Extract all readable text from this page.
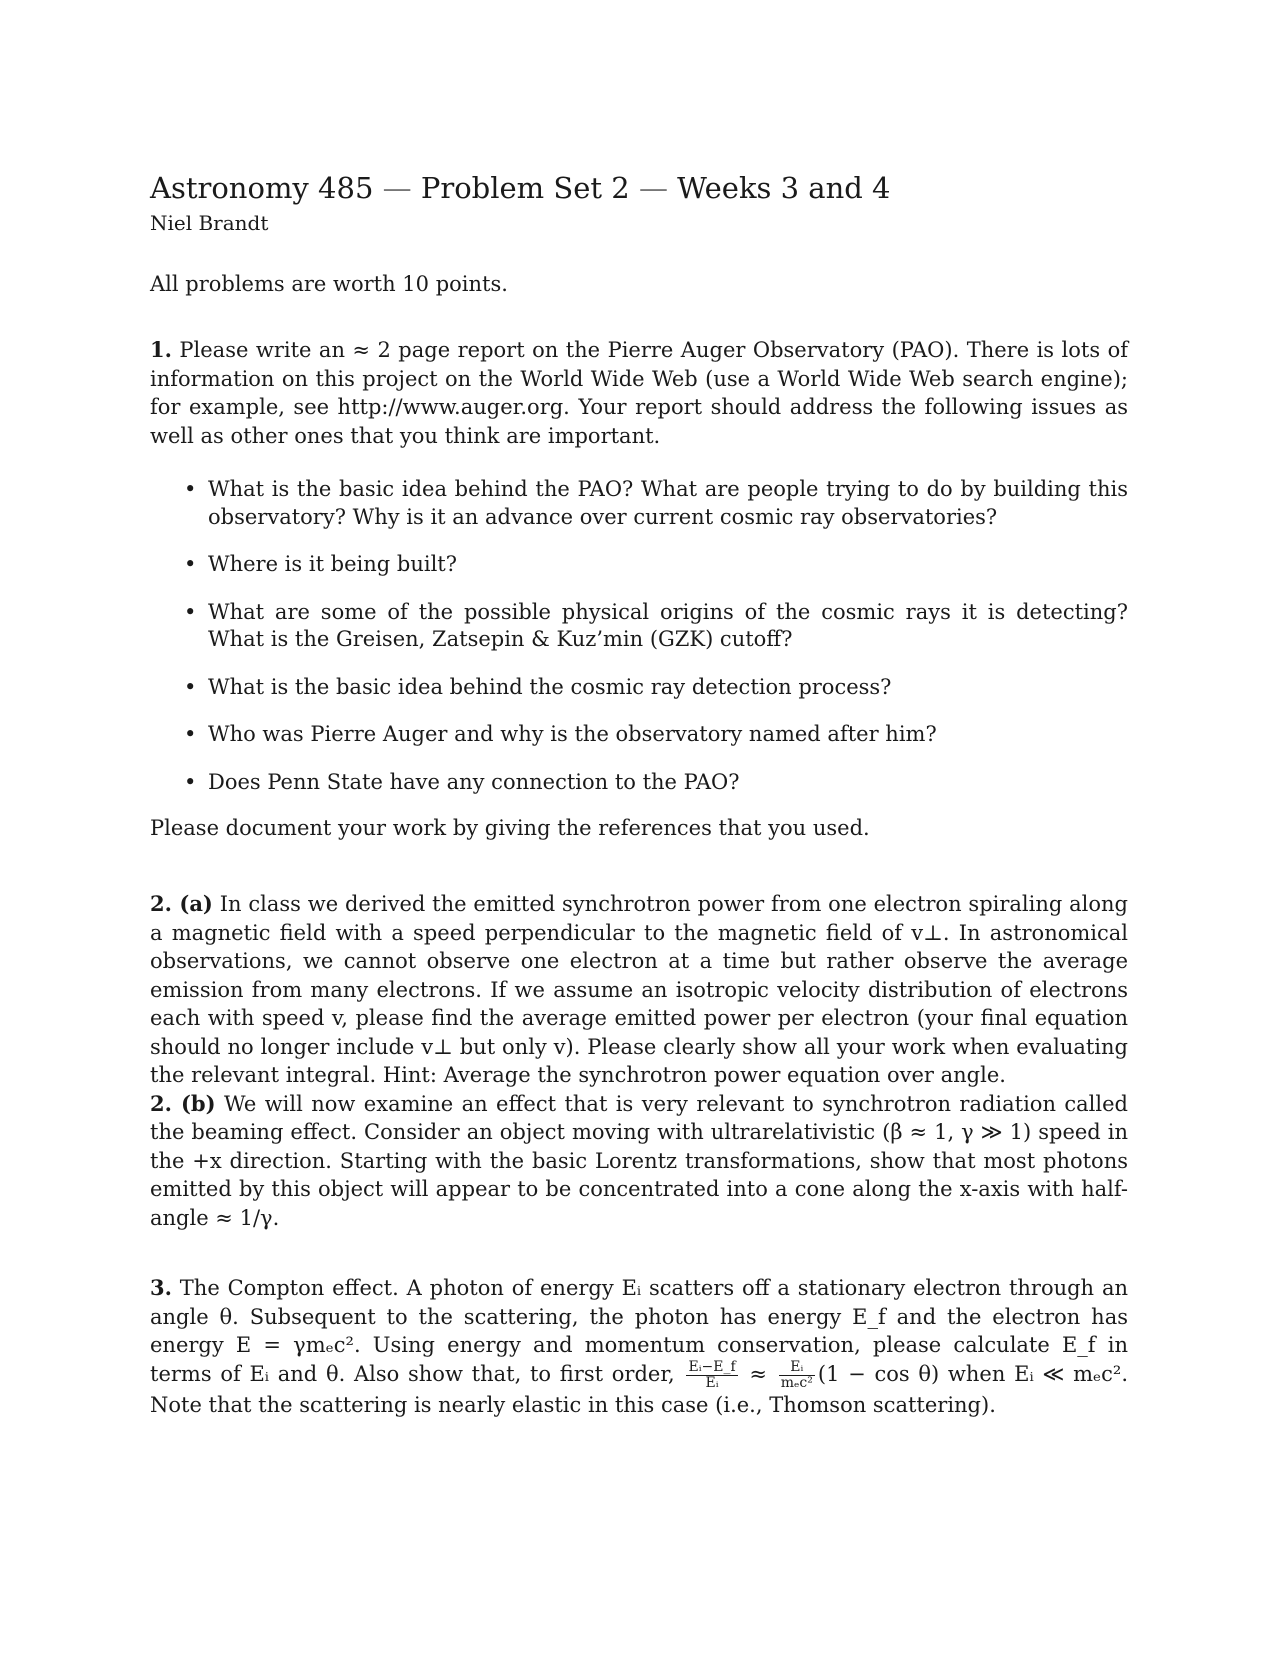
Astronomy 485 — Problem Set 2 — Weeks 3 and 4
Niel Brandt
All problems are worth 10 points.
1. Please write an ≈ 2 page report on the Pierre Auger Observatory (PAO). There is lots of information on this project on the World Wide Web (use a World Wide Web search engine); for example, see http://www.auger.org. Your report should address the following issues as well as other ones that you think are important.
• What is the basic idea behind the PAO? What are people trying to do by building this observatory? Why is it an advance over current cosmic ray observatories?
• Where is it being built?
• What are some of the possible physical origins of the cosmic rays it is detecting? What is the Greisen, Zatsepin & Kuz’min (GZK) cutoff?
• What is the basic idea behind the cosmic ray detection process?
• Who was Pierre Auger and why is the observatory named after him?
• Does Penn State have any connection to the PAO?
Please document your work by giving the references that you used.
2. (a) In class we derived the emitted synchrotron power from one electron spiraling along a magnetic field with a speed perpendicular to the magnetic field of v⊥. In astronomical observations, we cannot observe one electron at a time but rather observe the average emission from many electrons. If we assume an isotropic velocity distribution of electrons each with speed v, please find the average emitted power per electron (your final equation should no longer include v⊥ but only v). Please clearly show all your work when evaluating the relevant integral. Hint: Average the synchrotron power equation over angle.
2. (b) We will now examine an effect that is very relevant to synchrotron radiation called the beaming effect. Consider an object moving with ultrarelativistic (β ≈ 1, γ ≫ 1) speed in the +x direction. Starting with the basic Lorentz transformations, show that most photons emitted by this object will appear to be concentrated into a cone along the x-axis with half-angle ≈ 1/γ.
3. The Compton effect. A photon of energy Eᵢ scatters off a stationary electron through an angle θ. Subsequent to the scattering, the photon has energy E_f and the electron has energy E = γmₑc². Using energy and momentum conservation, please calculate E_f in terms of Eᵢ and θ. Also show that, to first order, $\frac{\text{Eᵢ−E\_f}}{\text{Eᵢ}} \approx \frac{\text{Eᵢ}}{\text{mₑc²}} (1 - \cos \theta)$ when Eᵢ ≪ mₑc². Note that the scattering is nearly elastic in this case (i.e., Thomson scattering).
